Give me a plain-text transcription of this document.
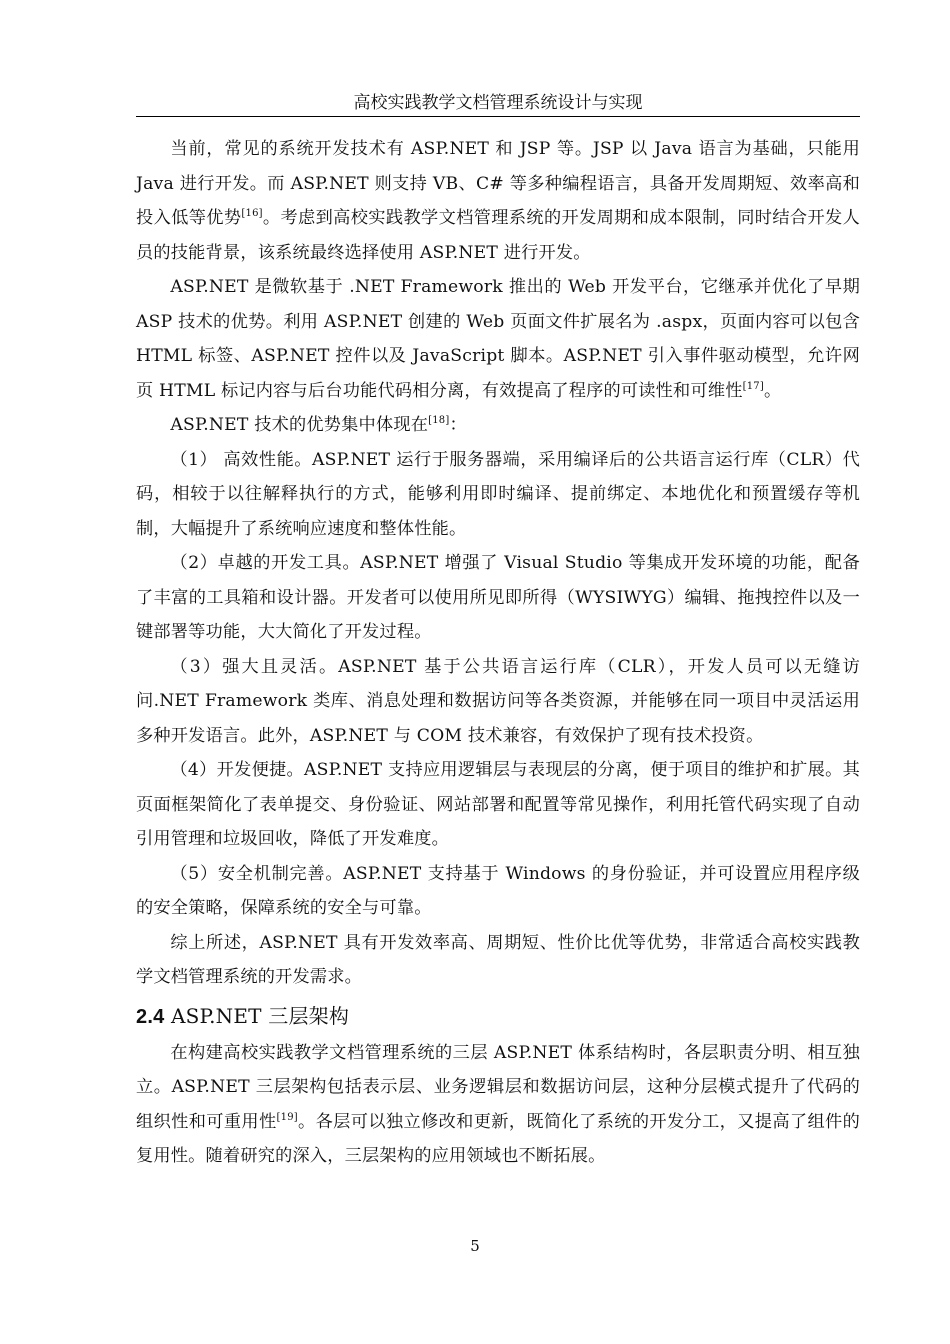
高校实践教学文档管理系统设计与实现

当前，常见的系统开发技术有 ASP.NET 和 JSP 等。JSP 以 Java 语言为基础，只能用 Java 进行开发。而 ASP.NET 则支持 VB、C# 等多种编程语言，具备开发周期短、效率高和投入低等优势[16]。考虑到高校实践教学文档管理系统的开发周期和成本限制，同时结合开发人员的技能背景，该系统最终选择使用 ASP.NET 进行开发。

ASP.NET 是微软基于 .NET Framework 推出的 Web 开发平台，它继承并优化了早期 ASP 技术的优势。利用 ASP.NET 创建的 Web 页面文件扩展名为 .aspx，页面内容可以包含 HTML 标签、ASP.NET 控件以及 JavaScript 脚本。ASP.NET 引入事件驱动模型，允许网页 HTML 标记内容与后台功能代码相分离，有效提高了程序的可读性和可维性[17]。

ASP.NET 技术的优势集中体现在[18]：

（1） 高效性能。ASP.NET 运行于服务器端，采用编译后的公共语言运行库（CLR）代码，相较于以往解释执行的方式，能够利用即时编译、提前绑定、本地优化和预置缓存等机制，大幅提升了系统响应速度和整体性能。

（2）卓越的开发工具。ASP.NET 增强了 Visual Studio 等集成开发环境的功能，配备了丰富的工具箱和设计器。开发者可以使用所见即所得（WYSIWYG）编辑、拖拽控件以及一键部署等功能，大大简化了开发过程。

（3）强大且灵活。ASP.NET 基于公共语言运行库（CLR），开发人员可以无缝访问.NET Framework 类库、消息处理和数据访问等各类资源，并能够在同一项目中灵活运用多种开发语言。此外，ASP.NET 与 COM 技术兼容，有效保护了现有技术投资。

（4）开发便捷。ASP.NET 支持应用逻辑层与表现层的分离，便于项目的维护和扩展。其页面框架简化了表单提交、身份验证、网站部署和配置等常见操作，利用托管代码实现了自动引用管理和垃圾回收，降低了开发难度。

（5）安全机制完善。ASP.NET 支持基于 Windows 的身份验证，并可设置应用程序级的安全策略，保障系统的安全与可靠。

综上所述，ASP.NET 具有开发效率高、周期短、性价比优等优势，非常适合高校实践教学文档管理系统的开发需求。

2.4 ASP.NET 三层架构

在构建高校实践教学文档管理系统的三层 ASP.NET 体系结构时，各层职责分明、相互独立。ASP.NET 三层架构包括表示层、业务逻辑层和数据访问层，这种分层模式提升了代码的组织性和可重用性[19]。各层可以独立修改和更新，既简化了系统的开发分工，又提高了组件的复用性。随着研究的深入，三层架构的应用领域也不断拓展。

5
